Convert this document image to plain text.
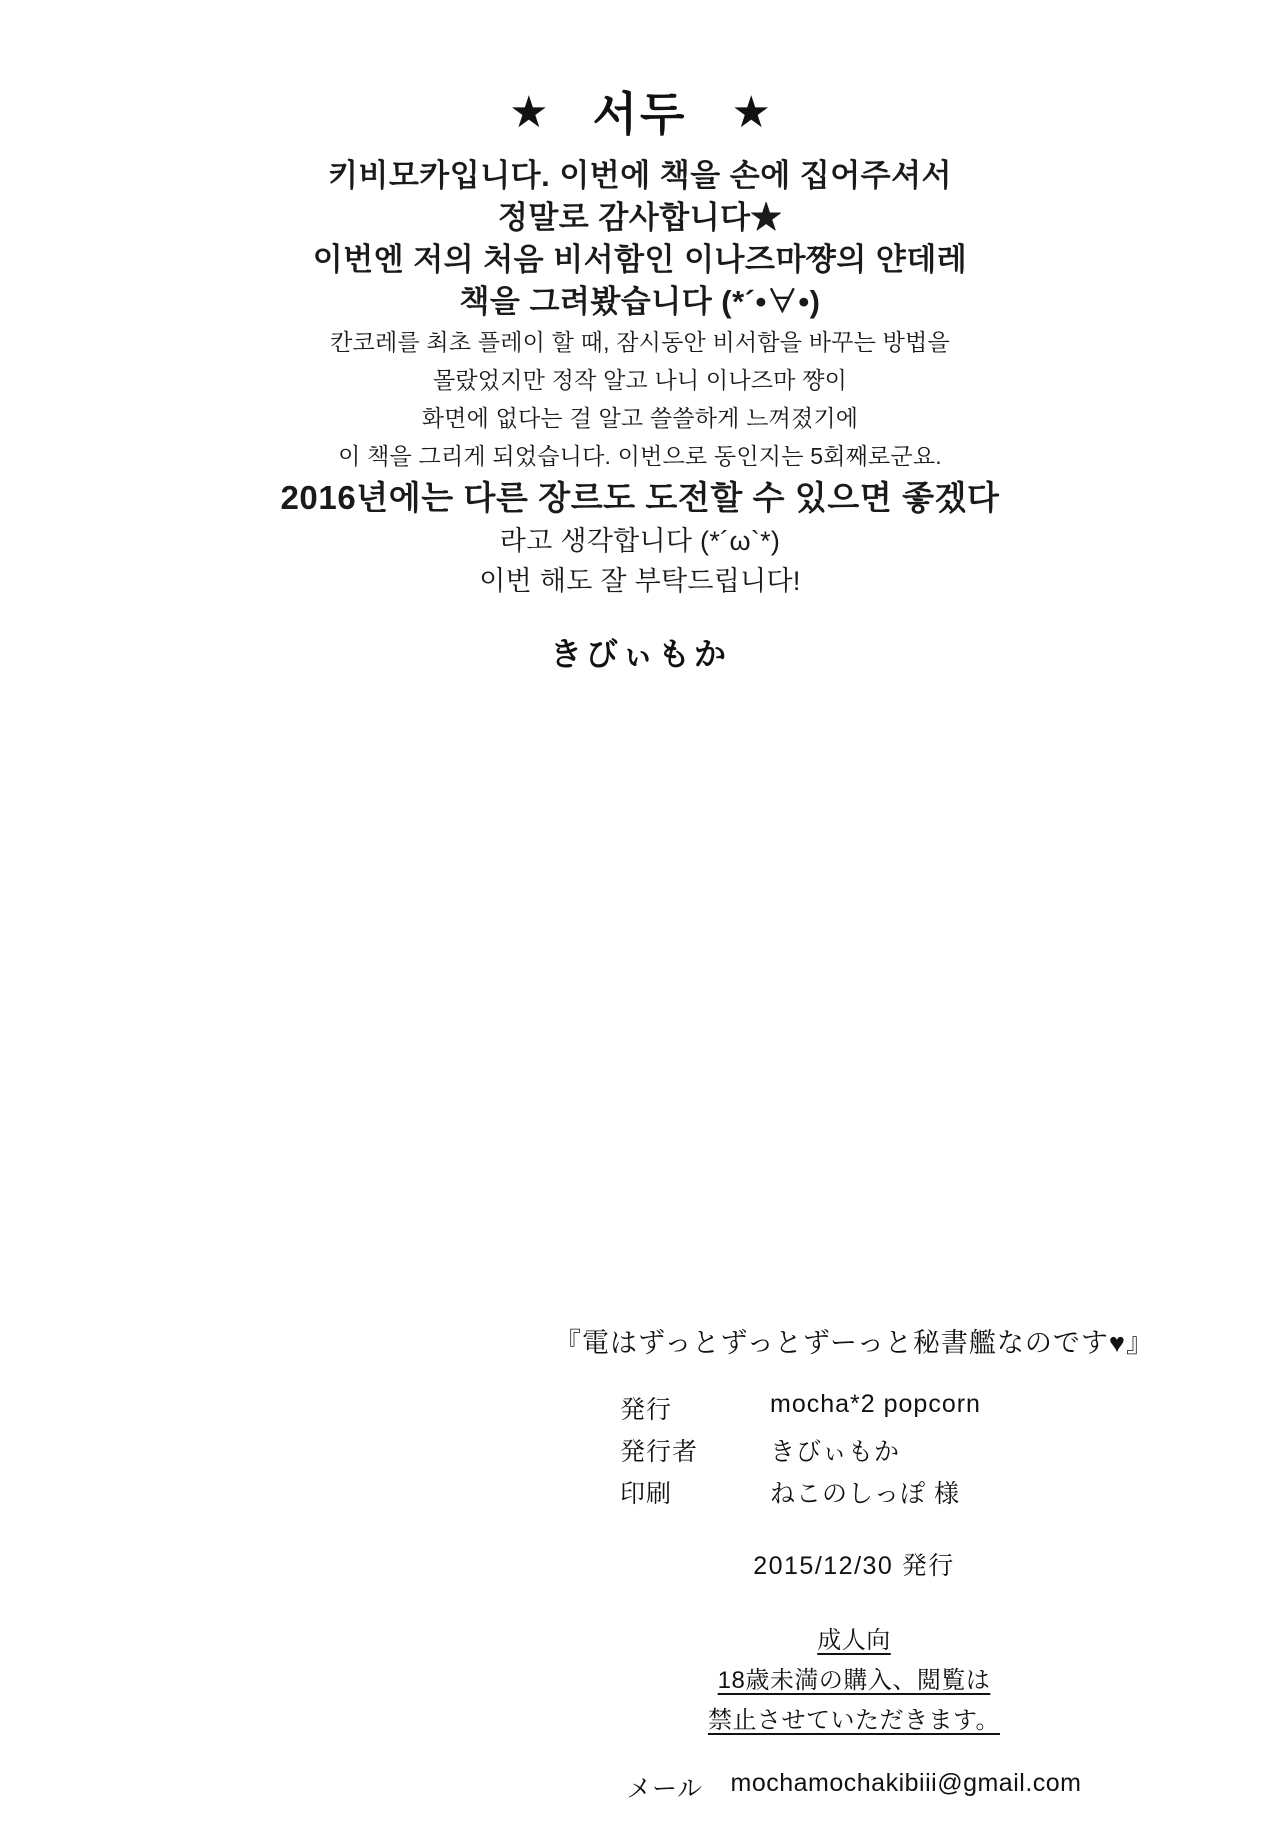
★ 서두 ★
키비모카입니다. 이번에 책을 손에 집어주셔서
정말로 감사합니다★
이번엔 저의 처음 비서함인 이나즈마쨩의 얀데레
책을 그려봤습니다 (*´•∀•)
칸코레를 최초 플레이 할 때, 잠시동안 비서함을 바꾸는 방법을
몰랐었지만 정작 알고 나니 이나즈마 쨩이
화면에 없다는 걸 알고 쓸쓸하게 느껴졌기에
이 책을 그리게 되었습니다. 이번으로 동인지는 5회째로군요.
2016년에는 다른 장르도 도전할 수 있으면 좋겠다
라고 생각합니다 (*´ω`*)
이번 해도 잘 부탁드립니다!
きびぃもか
『電はずっとずっとずーっと秘書艦なのです♥』
発行	mocha*2 popcorn
発行者	きびぃもか
印刷	ねこのしっぽ 様
2015/12/30 発行
成人向
18歳未満の購入、閲覧は
禁止させていただきます。
メール mochamochakibiii@gmail.com
